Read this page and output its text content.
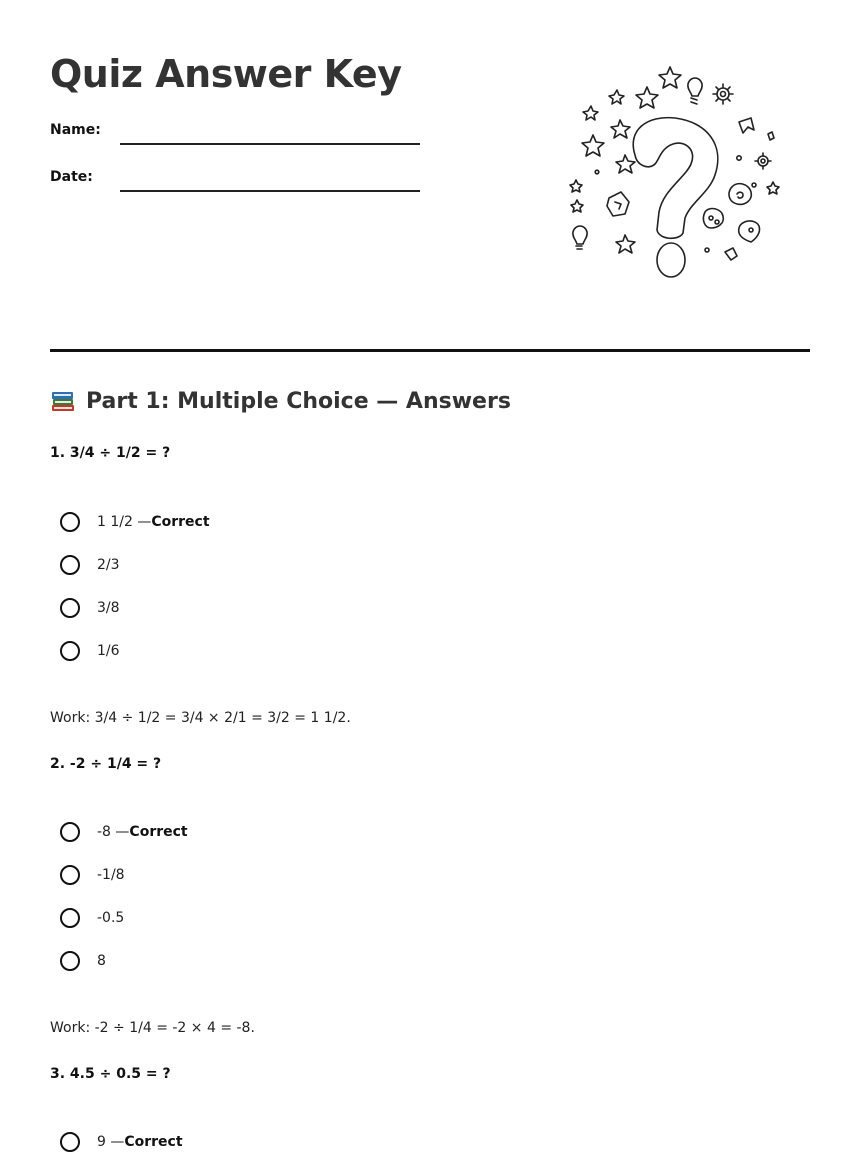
Quiz Answer Key
Name:
Date:
Part 1: Multiple Choice — Answers
1. 3/4 ÷ 1/2 = ?
1 1/2 — Correct
2/3
3/8
1/6
Work: 3/4 ÷ 1/2 = 3/4 × 2/1 = 3/2 = 1 1/2.
2. -2 ÷ 1/4 = ?
-8 — Correct
-1/8
-0.5
8
Work: -2 ÷ 1/4 = -2 × 4 = -8.
3. 4.5 ÷ 0.5 = ?
9 — Correct
